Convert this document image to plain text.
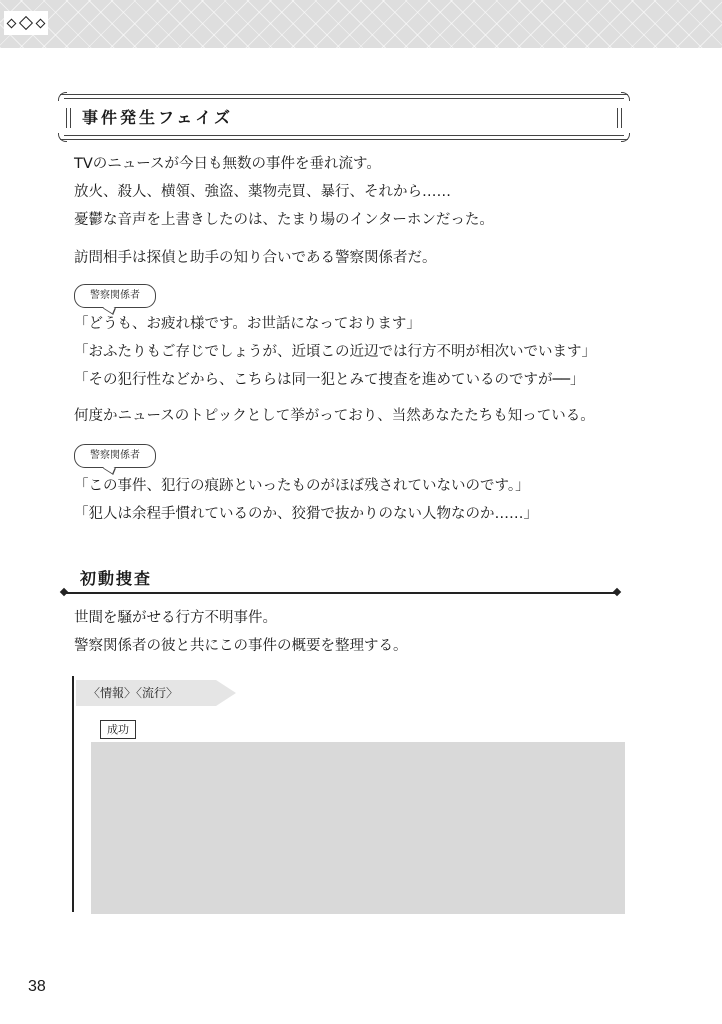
事件発生フェイズ
TVのニュースが今日も無数の事件を垂れ流す。
放火、殺人、横領、強盗、薬物売買、暴行、それから……
憂鬱な音声を上書きしたのは、たまり場のインターホンだった。
訪問相手は探偵と助手の知り合いである警察関係者だ。
警察関係者
「どうも、お疲れ様です。お世話になっております」
「おふたりもご存じでしょうが、近頃この近辺では行方不明が相次いでいます」
「その犯行性などから、こちらは同一犯とみて捜査を進めているのですが──」
何度かニュースのトピックとして挙がっており、当然あなたたちも知っている。
警察関係者
「この事件、犯行の痕跡といったものがほぼ残されていないのです。」
「犯人は余程手慣れているのか、狡猾で抜かりのない人物なのか……」
初動捜査
世間を騒がせる行方不明事件。
警察関係者の彼と共にこの事件の概要を整理する。
〈情報〉〈流行〉
成功
38
